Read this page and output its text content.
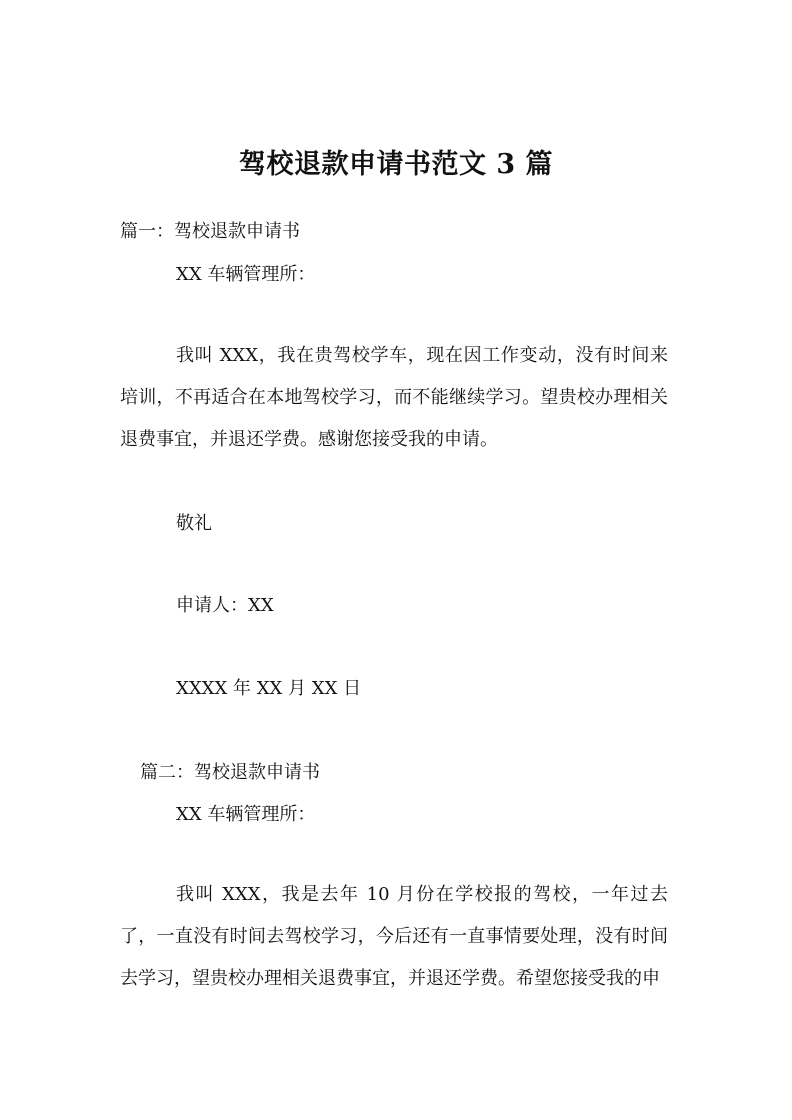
驾校退款申请书范文 3 篇
篇一：驾校退款申请书
XX 车辆管理所：
我叫 XXX，我在贵驾校学车，现在因工作变动，没有时间来培训，不再适合在本地驾校学习，而不能继续学习。望贵校办理相关退费事宜，并退还学费。感谢您接受我的申请。
敬礼
申请人：XX
XXXX 年 XX 月 XX 日
篇二：驾校退款申请书
XX 车辆管理所：
我叫 XXX，我是去年 10 月份在学校报的驾校，一年过去了，一直没有时间去驾校学习，今后还有一直事情要处理，没有时间去学习，望贵校办理相关退费事宜，并退还学费。希望您接受我的申
